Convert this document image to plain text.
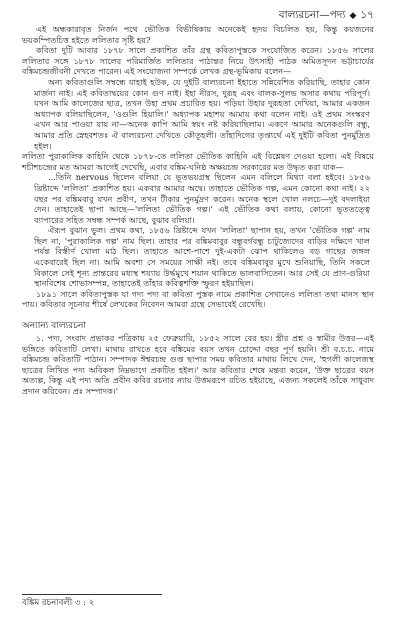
বাল্যরচনা—পদ্য ◆ ১৭

এই অন্ধকারাবৃত নির্জন পথে ভৌতিক বিভীষিকায় অনেকেই হৃদয় বিচলিত হয়, কিন্তু কয়জনের ভয়কম্পিতচিত্ত হইতে ললিতার সৃষ্টি হয়?

কবিতা দুটি আবার ১৮৭৮ সালে প্রকাশিত তাঁর গ্রন্থ কবিতাপুস্তকে সংযোজিত করেন। ১৮৫৬ সালের ললিতার সঙ্গে ১৮৭৮ সালের পরিমার্জিত ললিতার পাঠান্তর নিয়ে উৎসাহী পাঠক অমিতসূদন ভট্টাচার্যের বঙ্কিমচন্দ্রজীবনী দেখতে পারেন। এই সংযোজনা সম্পর্কে লেখক গ্রন্থ-ভূমিকায় বলেন—

অন্য কবিতাগুলি সম্বন্ধে যাহাই হউক, যে দুইটি বাল্যরচনা ইহাতে সন্নিবেশিত করিয়াছি, তাহার কোন মার্জনা নাই। এই কবিতাদ্বয়ের কোন গুণ নাই। ইহা নীরস, দুরূহ এবং বালক-সুলভ অসার কথায় পরিপূর্ণ। যখন আমি কালেজের ছাত্র, তখন উহা প্রথম প্রচারিত হয়। পড়িয়া উহার দুরূহতা দেখিয়া, আমার একজন অধ্যাপক বলিয়াছিলেন, 'ওগুলি হিয়ালি।' অধ্যাপক মহাশয় আমায় কথা বলেন নাই। ওই প্রথম সংস্করণ এখন আর পাওয়া যায় না—অনেক কাপি আমি স্বয়ং নষ্ট করিয়াছিলাম। একণে আমার অনেকগুলি বন্ধু, আমার প্রতি স্নেহবশতঃ ঐ বাল্যরচনা দেখিতে কৌতূহলী। তাঁহাদিগের তৃপ্ত্যর্থে এই দুইটি কবিতা পুনর্মুদ্রিত হইল।

ললিতা পুরাকালিক কাহিনি থেকে ১৮৭৮-তে ললিতা ভৌতিক কাহিনি এই বিশ্লেষণ দেওয়া হলো। এই বিষয়ে শচীশচন্দ্রের মত আমরা আগেই দেখেছি, এবার বঙ্কিম-ঘনিষ্ঠ অক্ষয়চন্দ্র সরকারের মত উদ্ধৃত করা যাক—

...তিনি nervous ছিলেন বলিয়া যে ভূতভয়গ্রস্থ ছিলেন এমন বলিলে মিথ্যা বলা হইবে। ১৮৫৬ খ্রিষ্টাব্দে 'ললিতা' প্রকাশিত হয়। একবার আমার অদ্বে। তাহাতে ভৌতিক গল্প, এমন কোনো কথা নাই। ২২ বছর পর বঙ্কিমবাবু যখন প্রবীণ, তখন টীকার পুনর্মুদ্রণ করেন। অনেক স্থলে খোল নলচে—দুই বদলাইয়া দেন। তাহাতেই ছাপা আছে—'ললিতা ভৌতিক গল্প।' এই ভৌতিক কথা বলায়, কোনো ভূততত্ত্বে ব্যাপারের সহিত সম্বন্ধ সম্পর্ক আছে, বুঝাব বলিয়া।

ঐরূপ বুঝান ভুল। প্রথম কথা, ১৮৫৬ খ্রিষ্টাব্দে যখন 'ললিতা' ছাপান হয়, তখন 'ভৌতিক গল্প' নাম ছিল না, 'পুরাকালিক গল্প' নাম ছিল। তাহার পর বঙ্কিমবাবুর বন্ধুবর্গবন্ধু চাটুজ্যেদের বাড়ির দক্ষিণে খাল পর্যন্ত বিস্তীর্ণ খোলা মাঠ ছিল। তাহাতে আশে-পাশে দুই-একটা ঝোপ থাকিলেও বড় গাছের জঙ্গল একেবারেই ছিল না। আমি অবশ্য সে সময়ের সাক্ষী নই। তবে বঙ্কিমবাবুর মুখে শুনিয়াছি, তিনি সকলে বিকালে সেই শূন্য প্রান্তরের মধ্যস্থ শয্যায় উর্দ্ধমুখে শয়ান থাকিতে ভালবাসিতেন। আর সেই যে প্রাণ-গুরিয়া স্থানবিশেষ শোভাসম্পন্ন, তাহাতেই তাঁহার কবিত্বশক্তি স্ফুরণ হইয়াছিল।

১৮৯১ সালে কবিতাপুস্তক যা গদ্য পদ্য বা কবিতা পুস্তক নামে প্রকাশিত সেখানেও ললিতা তথা মানস স্থান পায়। কবিতার সূচনার শীর্ষে লেখকের নিবেদন আমরা গ্রন্থে সেভাবেই রেখেছি।

অন্যান্য বাল্যরচনা

১. পদ্য, সংবাদ প্রভাকর পত্রিকায় ২৫ ফেব্রুয়ারি, ১৮৫২ সালে বের হয়। স্ত্রীর প্রশ্ন ও স্বামীর উত্তর—এই ভঙ্গিতে কবিতাটি লেখা। মাথায় রাখতে হবে বঙ্কিমের বয়স তখন চোদ্দো বছর পূর্ণ হয়নি। শ্রী ব.চ.চ. নামে বঙ্কিমচন্দ্র কবিতাটি পাঠান। সম্পাদক ঈশ্বরচন্দ্র গুপ্ত ছাপার সময় কবিতার মাথায় লিখে দেন, 'হুগলী কালেজস্থ ছাত্রের লিখিত পদ্য অবিকল নিম্নভাগে প্রকটিত হইল।' আর কবিতার শেষে মন্তব্য করেন, 'উক্ত ছাত্রের বয়স অত্যল্প, কিন্তু এই পদ্য অতি প্রবীন কবির রচনার ন্যায় উত্তমরূপে রচিত হইয়াছে, এজন্য সকলেই তাঁকে সাধুবাদ প্রদান করিবেন। প্রঃ সম্পাদক।'

বঙ্কিম রচনাবলী ৩ : ২
